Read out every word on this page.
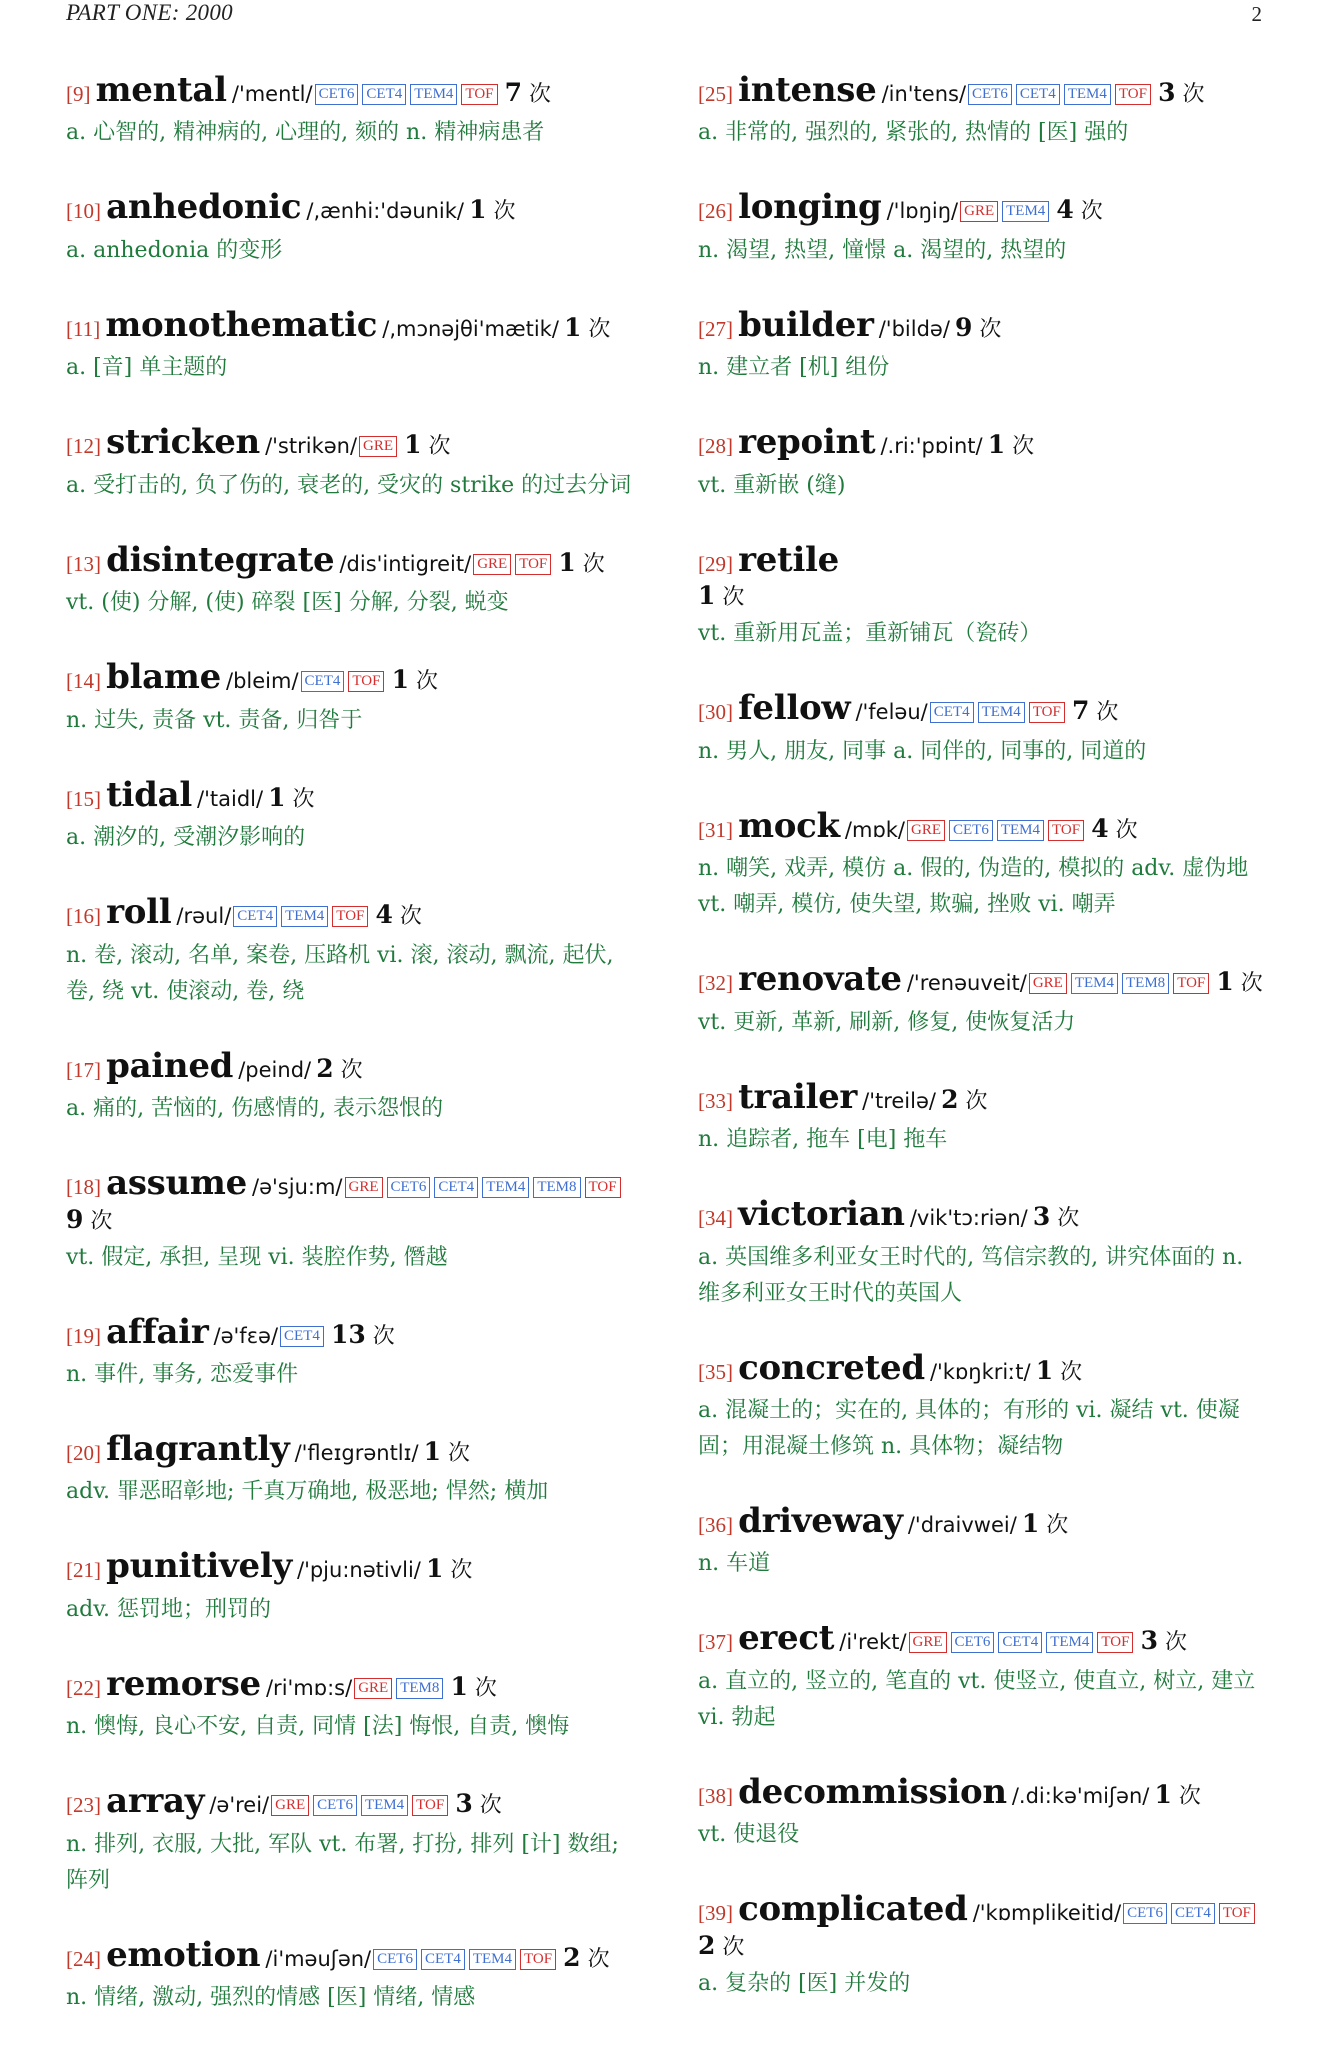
PART ONE: 2000	2
[9] mental /'mentl/ CET6 CET4 TEM4 TOF 7 次
a. 心智的, 精神病的, 心理的, 颏的 n. 精神病患者
[10] anhedonic /,ænhi:'dəunik/ 1 次
a. anhedonia 的变形
[11] monothematic /,mɔnəjθi'mætik/ 1 次
a. [音] 单主题的
[12] stricken /'strikən/ GRE 1 次
a. 受打击的, 负了伤的, 衰老的, 受灾的 strike 的过去分词
[13] disintegrate /dis'intigreit/ GRE TOF 1 次
vt. (使) 分解, (使) 碎裂 [医] 分解, 分裂, 蜕变
[14] blame /bleim/ CET4 TOF 1 次
n. 过失, 责备 vt. 责备, 归咎于
[15] tidal /'taidl/ 1 次
a. 潮汐的, 受潮汐影响的
[16] roll /rəul/ CET4 TEM4 TOF 4 次
n. 卷, 滚动, 名单, 案卷, 压路机 vi. 滚, 滚动, 飘流, 起伏, 卷, 绕 vt. 使滚动, 卷, 绕
[17] pained /peind/ 2 次
a. 痛的, 苦恼的, 伤感情的, 表示怨恨的
[18] assume /ə'sju:m/ GRE CET6 CET4 TEM4 TEM8 TOF 9 次
vt. 假定, 承担, 呈现 vi. 装腔作势, 僭越
[19] affair /ə'fɛə/ CET4 13 次
n. 事件, 事务, 恋爱事件
[20] flagrantly /'fleɪgrəntlɪ/ 1 次
adv. 罪恶昭彰地; 千真万确地, 极恶地; 悍然; 横加
[21] punitively /'pju:nətivli/ 1 次
adv. 惩罚地；刑罚的
[22] remorse /ri'mɒ:s/ GRE TEM8 1 次
n. 懊悔, 良心不安, 自责, 同情 [法] 悔恨, 自责, 懊悔
[23] array /ə'rei/ GRE CET6 TEM4 TOF 3 次
n. 排列, 衣服, 大批, 军队 vt. 布署, 打扮, 排列 [计] 数组; 阵列
[24] emotion /i'məuʃən/ CET6 CET4 TEM4 TOF 2 次
n. 情绪, 激动, 强烈的情感 [医] 情绪, 情感
[25] intense /in'tens/ CET6 CET4 TEM4 TOF 3 次
a. 非常的, 强烈的, 紧张的, 热情的 [医] 强的
[26] longing /'lɒŋiŋ/ GRE TEM4 4 次
n. 渴望, 热望, 憧憬 a. 渴望的, 热望的
[27] builder /'bildə/ 9 次
n. 建立者 [机] 组份
[28] repoint /.ri:'pɒint/ 1 次
vt. 重新嵌 (缝)
[29] retile
1 次
vt. 重新用瓦盖；重新铺瓦（瓷砖）
[30] fellow /'feləu/ CET4 TEM4 TOF 7 次
n. 男人, 朋友, 同事 a. 同伴的, 同事的, 同道的
[31] mock /mɒk/ GRE CET6 TEM4 TOF 4 次
n. 嘲笑, 戏弄, 模仿 a. 假的, 伪造的, 模拟的 adv. 虚伪地 vt. 嘲弄, 模仿, 使失望, 欺骗, 挫败 vi. 嘲弄
[32] renovate /'renəuveit/ GRE TEM4 TEM8 TOF 1 次
vt. 更新, 革新, 刷新, 修复, 使恢复活力
[33] trailer /'treilə/ 2 次
n. 追踪者, 拖车 [电] 拖车
[34] victorian /vik'tɔ:riən/ 3 次
a. 英国维多利亚女王时代的, 笃信宗教的, 讲究体面的 n. 维多利亚女王时代的英国人
[35] concreted /'kɒŋkriːt/ 1 次
a. 混凝土的；实在的, 具体的；有形的 vi. 凝结 vt. 使凝固；用混凝土修筑 n. 具体物；凝结物
[36] driveway /'draivwei/ 1 次
n. 车道
[37] erect /i'rekt/ GRE CET6 CET4 TEM4 TOF 3 次
a. 直立的, 竖立的, 笔直的 vt. 使竖立, 使直立, 树立, 建立 vi. 勃起
[38] decommission /.di:kə'miʃən/ 1 次
vt. 使退役
[39] complicated /'kɒmplikeitid/ CET6 CET4 TOF 2 次
a. 复杂的 [医] 并发的
